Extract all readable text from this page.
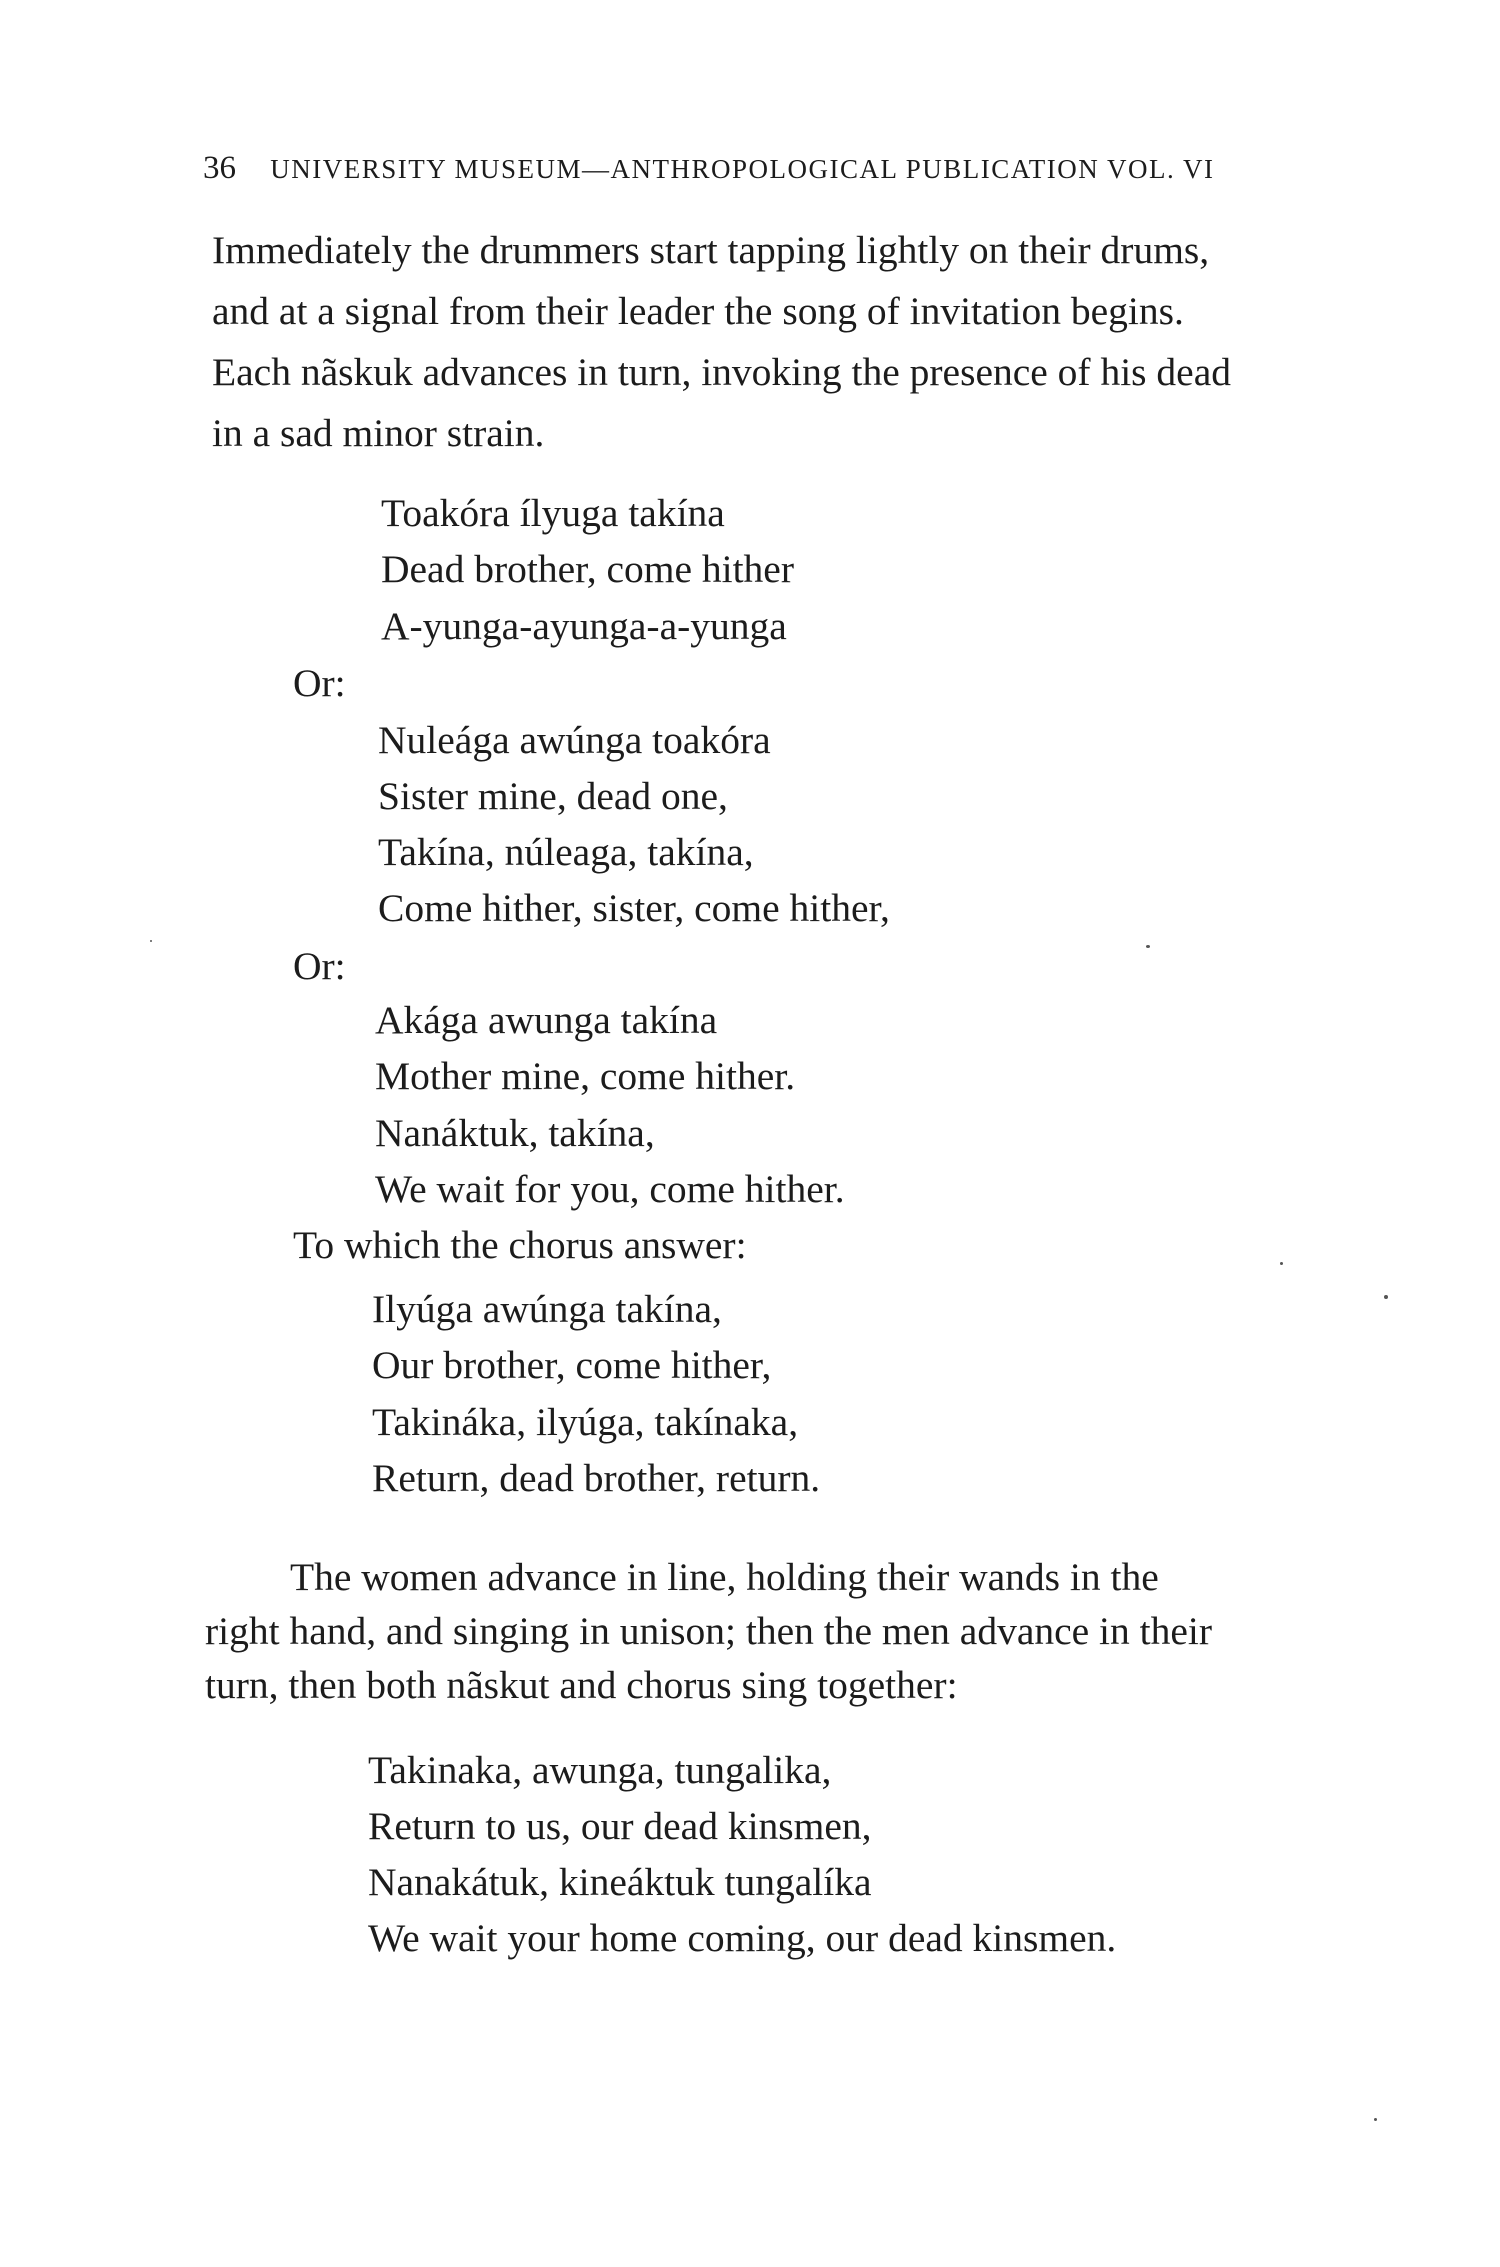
36 UNIVERSITY MUSEUM—ANTHROPOLOGICAL PUBLICATION VOL. VI
Immediately the drummers start tapping lightly on their drums,
and at a signal from their leader the song of invitation begins.
Each nãskuk advances in turn, invoking the presence of his dead
in a sad minor strain.
Toakóra ílyuga takína
Dead brother, come hither
A-yunga-ayunga-a-yunga
Or:
Nuleága awúnga toakóra
Sister mine, dead one,
Takína, núleaga, takína,
Come hither, sister, come hither,
Or:
Akága awunga takína
Mother mine, come hither.
Nanáktuk, takína,
We wait for you, come hither.
To which the chorus answer:
Ilyúga awúnga takína,
Our brother, come hither,
Takináka, ilyúga, takínaka,
Return, dead brother, return.
The women advance in line, holding their wands in the
right hand, and singing in unison; then the men advance in their
turn, then both nãskut and chorus sing together:
Takinaka, awunga, tungalika,
Return to us, our dead kinsmen,
Nanakátuk, kineáktuk tungalíka
We wait your home coming, our dead kinsmen.
